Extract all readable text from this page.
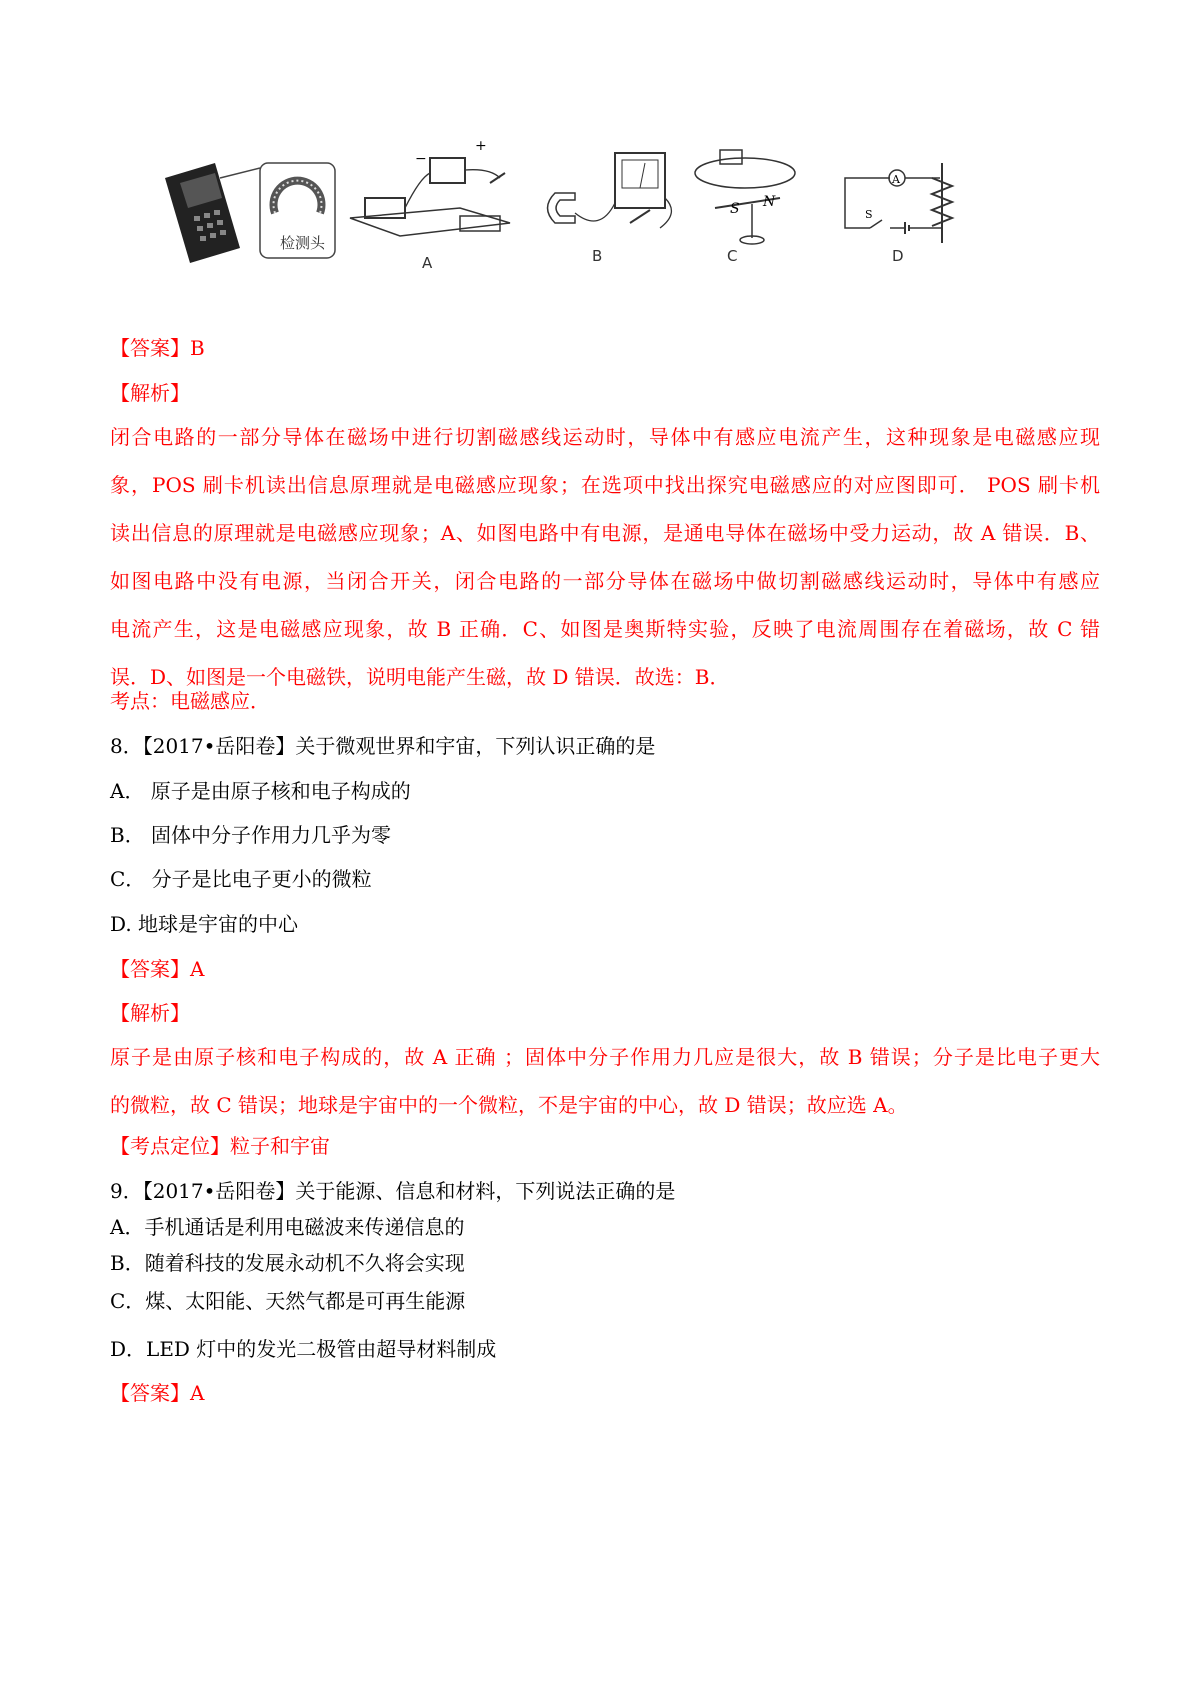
检测头
−
+
A	B
S N
C
A
S
D
【答案】B
【解析】
闭合电路的一部分导体在磁场中进行切割磁感线运动时，导体中有感应电流产生，这种现象是电磁感应现
象，POS 刷卡机读出信息原理就是电磁感应现象；在选项中找出探究电磁感应的对应图即可． POS 刷卡机
读出信息的原理就是电磁感应现象；A、如图电路中有电源，是通电导体在磁场中受力运动，故 A 错误．B、
如图电路中没有电源，当闭合开关，闭合电路的一部分导体在磁场中做切割磁感线运动时，导体中有感应
电流产生，这是电磁感应现象，故 B 正确．C、如图是奥斯特实验，反映了电流周围存在着磁场，故 C 错
误．D、如图是一个电磁铁，说明电能产生磁，故 D 错误．故选：B．
考点：电磁感应．
8．【2017•岳阳卷】关于微观世界和宇宙，下列认识正确的是
A． 原子是由原子核和电子构成的
B． 固体中分子作用力几乎为零
C． 分子是比电子更小的微粒
D. 地球是宇宙的中心
【答案】A
【解析】
原子是由原子核和电子构成的，故 A 正确 ；固体中分子作用力几应是很大，故 B 错误；分子是比电子更大
的微粒，故 C 错误；地球是宇宙中的一个微粒，不是宇宙的中心，故 D 错误；故应选 A。
【考点定位】粒子和宇宙
9．【2017•岳阳卷】关于能源、信息和材料，下列说法正确的是
A．手机通话是利用电磁波来传递信息的
B．随着科技的发展永动机不久将会实现
C．煤、太阳能、天然气都是可再生能源
D．LED 灯中的发光二极管由超导材料制成
【答案】A
